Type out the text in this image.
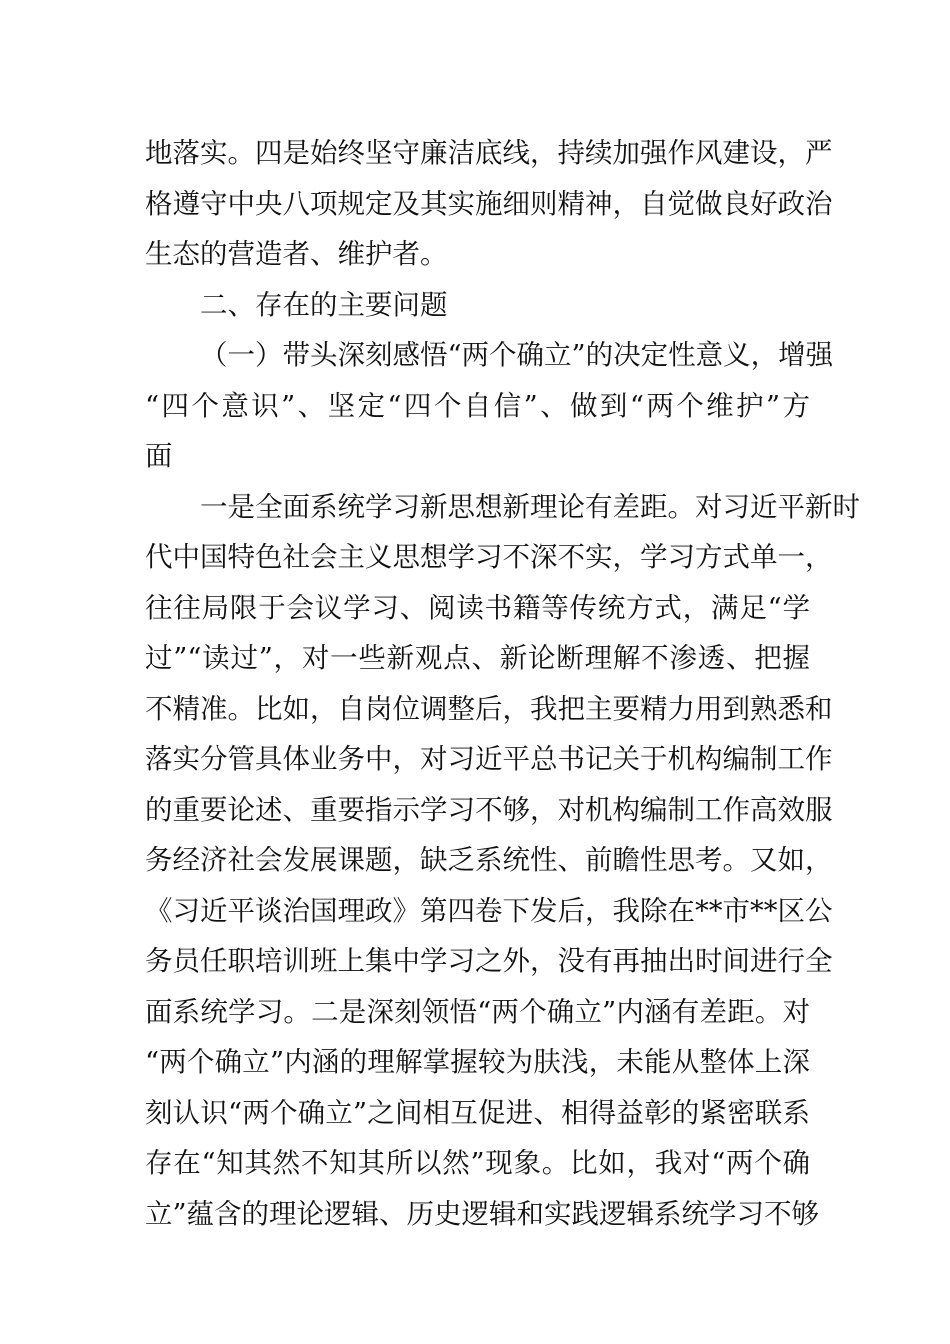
地落实。四是始终坚守廉洁底线，持续加强作风建设，严
格遵守中央八项规定及其实施细则精神，自觉做良好政治
生态的营造者、维护者。
二、存在的主要问题
（一）带头深刻感悟“两个确立”的决定性意义，增强
“四个意识”、坚定“四个自信”、做到“两个维护”方
面
一是全面系统学习新思想新理论有差距。对习近平新时
代中国特色社会主义思想学习不深不实，学习方式单一，
往往局限于会议学习、阅读书籍等传统方式，满足“学
过”“读过”，对一些新观点、新论断理解不渗透、把握
不精准。比如，自岗位调整后，我把主要精力用到熟悉和
落实分管具体业务中，对习近平总书记关于机构编制工作
的重要论述、重要指示学习不够，对机构编制工作高效服
务经济社会发展课题，缺乏系统性、前瞻性思考。又如，
《习近平谈治国理政》第四卷下发后，我除在**市**区公
务员任职培训班上集中学习之外，没有再抽出时间进行全
面系统学习。二是深刻领悟“两个确立”内涵有差距。对
“两个确立”内涵的理解掌握较为肤浅，未能从整体上深
刻认识“两个确立”之间相互促进、相得益彰的紧密联系
存在“知其然不知其所以然”现象。比如，我对“两个确
立”蕴含的理论逻辑、历史逻辑和实践逻辑系统学习不够
